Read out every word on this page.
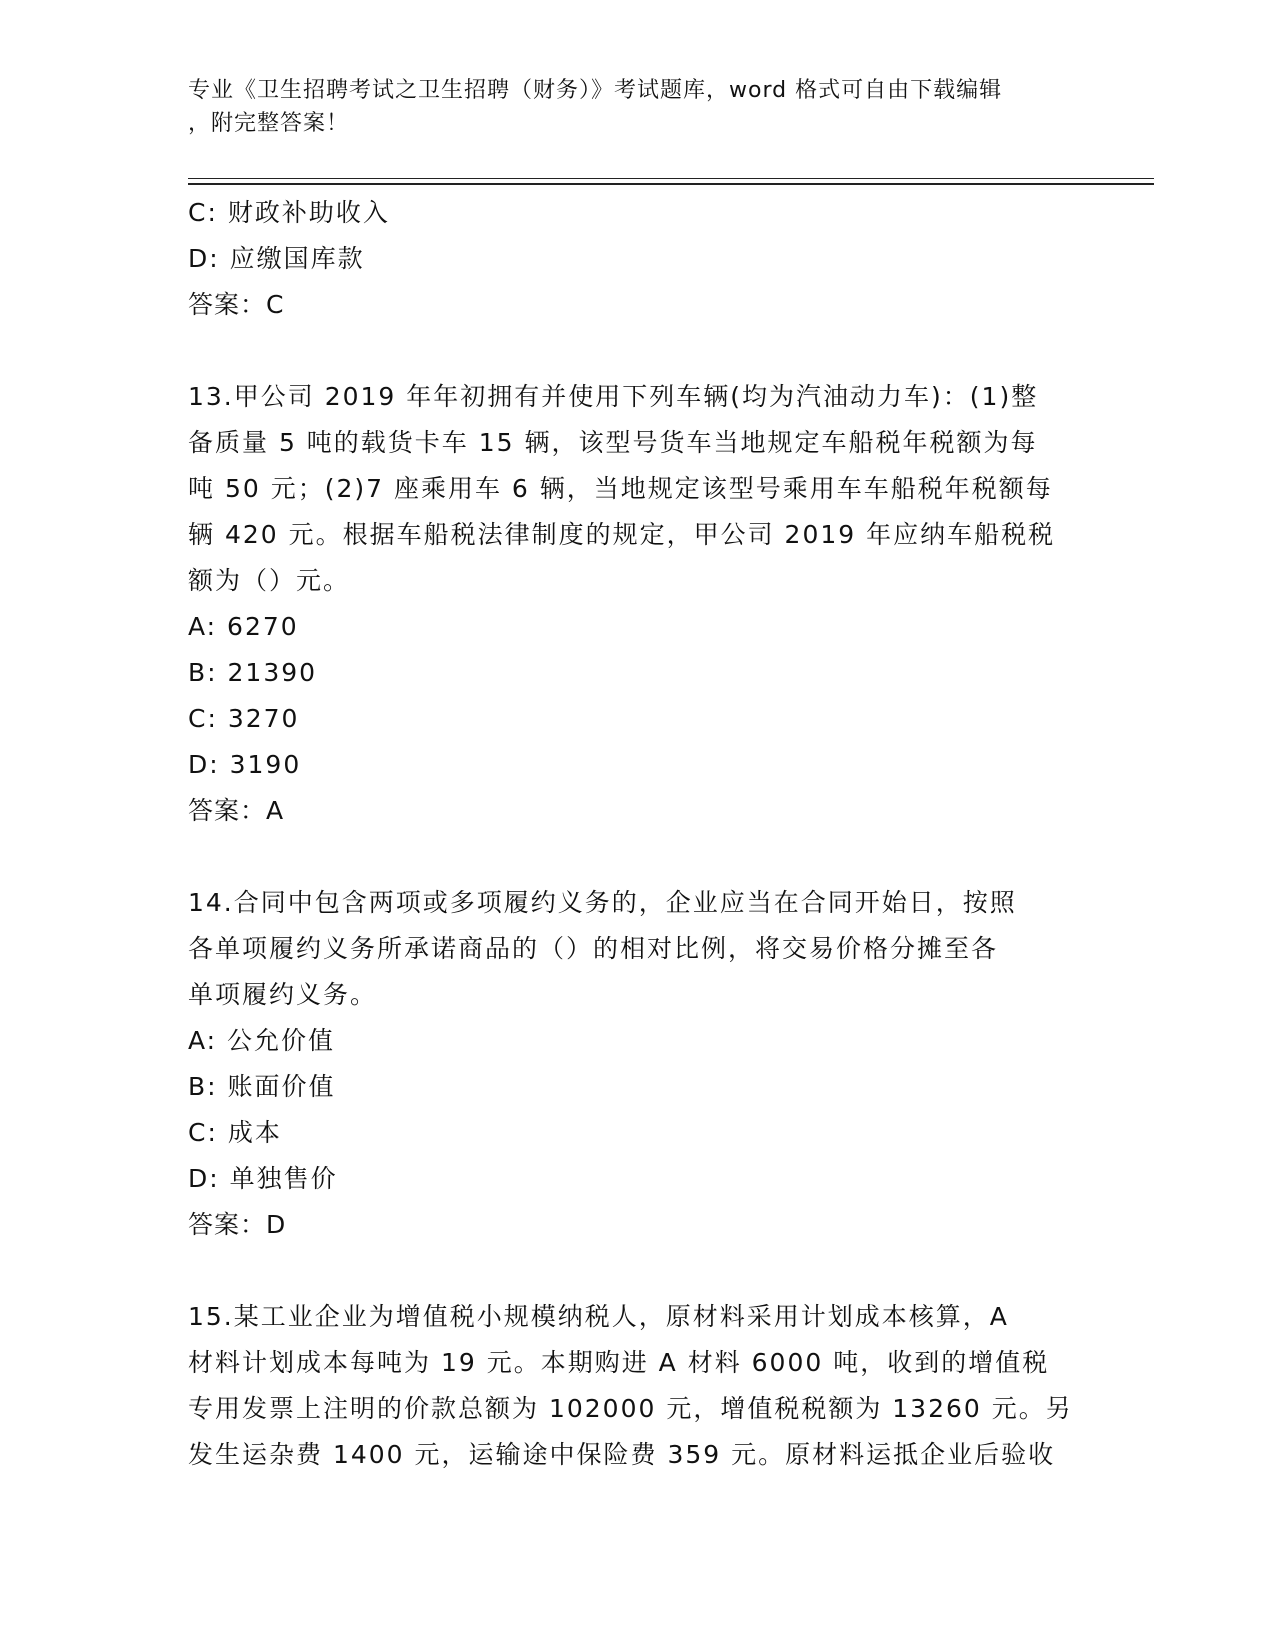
专业《卫生招聘考试之卫生招聘（财务）》考试题库，word 格式可自由下载编辑
，附完整答案！
C: 财政补助收入
D: 应缴国库款
答案：C
13.甲公司 2019 年年初拥有并使用下列车辆(均为汽油动力车)：(1)整
备质量 5 吨的载货卡车 15 辆，该型号货车当地规定车船税年税额为每
吨 50 元；(2)7 座乘用车 6 辆，当地规定该型号乘用车车船税年税额每
辆 420 元。根据车船税法律制度的规定，甲公司 2019 年应纳车船税税
额为（）元。
A: 6270
B: 21390
C: 3270
D: 3190
答案：A
14.合同中包含两项或多项履约义务的，企业应当在合同开始日，按照
各单项履约义务所承诺商品的（）的相对比例，将交易价格分摊至各
单项履约义务。
A: 公允价值
B: 账面价值
C: 成本
D: 单独售价
答案：D
15.某工业企业为增值税小规模纳税人，原材料采用计划成本核算，A
材料计划成本每吨为 19 元。本期购进 A 材料 6000 吨，收到的增值税
专用发票上注明的价款总额为 102000 元，增值税税额为 13260 元。另
发生运杂费 1400 元，运输途中保险费 359 元。原材料运抵企业后验收
